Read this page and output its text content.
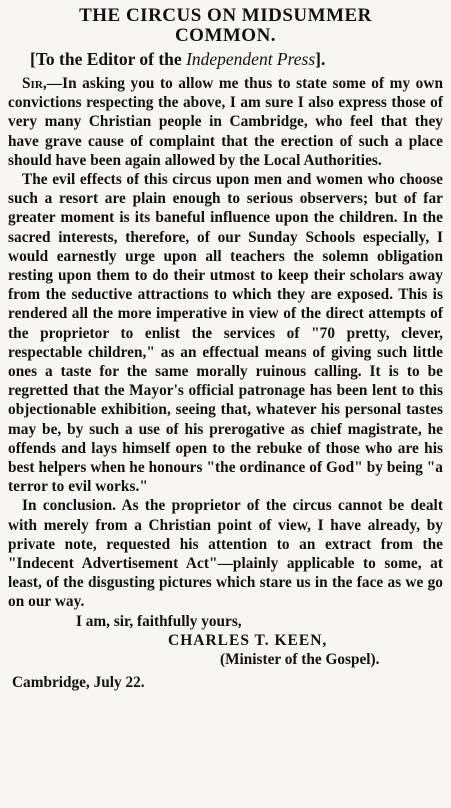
THE CIRCUS ON MIDSUMMER

COMMON.

[To the Editor of the Independent Press].

Sir,—In asking you to allow me thus to state some of my own convictions respecting the above, I am sure I also express those of very many Christian people in Cambridge, who feel that they have grave cause of complaint that the erection of such a place should have been again allowed by the Local Authorities.

The evil effects of this circus upon men and women who choose such a resort are plain enough to serious observers; but of far greater moment is its baneful influence upon the children. In the sacred interests, therefore, of our Sunday Schools especially, I would earnestly urge upon all teachers the solemn obligation resting upon them to do their utmost to keep their scholars away from the seductive attractions to which they are exposed. This is rendered all the more imperative in view of the direct attempts of the proprietor to enlist the services of "70 pretty, clever, respectable children," as an effectual means of giving such little ones a taste for the same morally ruinous calling. It is to be regretted that the Mayor's official patronage has been lent to this objectionable exhibition, seeing that, whatever his personal tastes may be, by such a use of his prerogative as chief magistrate, he offends and lays himself open to the rebuke of those who are his best helpers when he honours "the ordinance of God" by being "a terror to evil works."

In conclusion. As the proprietor of the circus cannot be dealt with merely from a Christian point of view, I have already, by private note, requested his attention to an extract from the "Indecent Advertisement Act"—plainly applicable to some, at least, of the disgusting pictures which stare us in the face as we go on our way.

I am, sir, faithfully yours,

CHARLES T. KEEN,

(Minister of the Gospel).

Cambridge, July 22.
